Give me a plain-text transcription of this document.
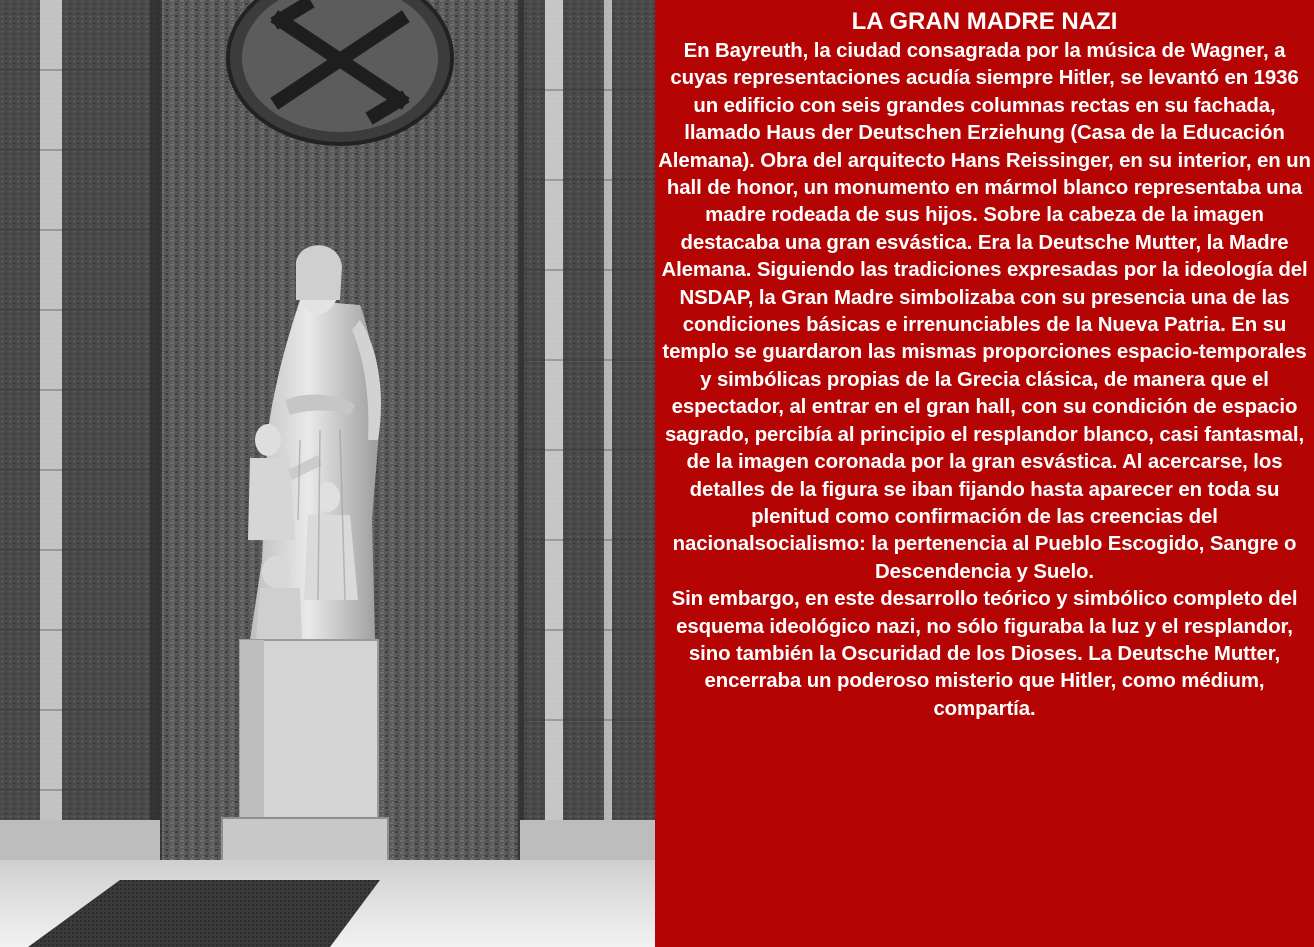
LA GRAN MADRE NAZI

En Bayreuth, la ciudad consagrada por la música de Wagner, a cuyas representaciones acudía siempre Hitler, se levantó en 1936 un edificio con seis grandes columnas rectas en su fachada, llamado Haus der Deutschen Erziehung (Casa de la Educación Alemana). Obra del arquitecto Hans Reissinger, en su interior, en un hall de honor, un monumento en mármol blanco representaba una madre rodeada de sus hijos. Sobre la cabeza de la imagen destacaba una gran esvástica. Era la Deutsche Mutter, la Madre Alemana. Siguiendo las tradiciones expresadas por la ideología del NSDAP, la Gran Madre simbolizaba con su presencia una de las condiciones básicas e irrenunciables de la Nueva Patria. En su templo se guardaron las mismas proporciones espacio-temporales y simbólicas propias de la Grecia clásica, de manera que el espectador, al entrar en el gran hall, con su condición de espacio sagrado, percibía al principio el resplandor blanco, casi fantasmal, de la imagen coronada por la gran esvástica. Al acercarse, los detalles de la figura se iban fijando hasta aparecer en toda su plenitud como confirmación de las creencias del nacionalsocialismo: la pertenencia al Pueblo Escogido, Sangre o Descendencia y Suelo.

Sin embargo, en este desarrollo teórico y simbólico completo del esquema ideológico nazi, no sólo figuraba la luz y el resplandor, sino también la Oscuridad de los Dioses. La Deutsche Mutter, encerraba un poderoso misterio que Hitler, como médium, compartía.
